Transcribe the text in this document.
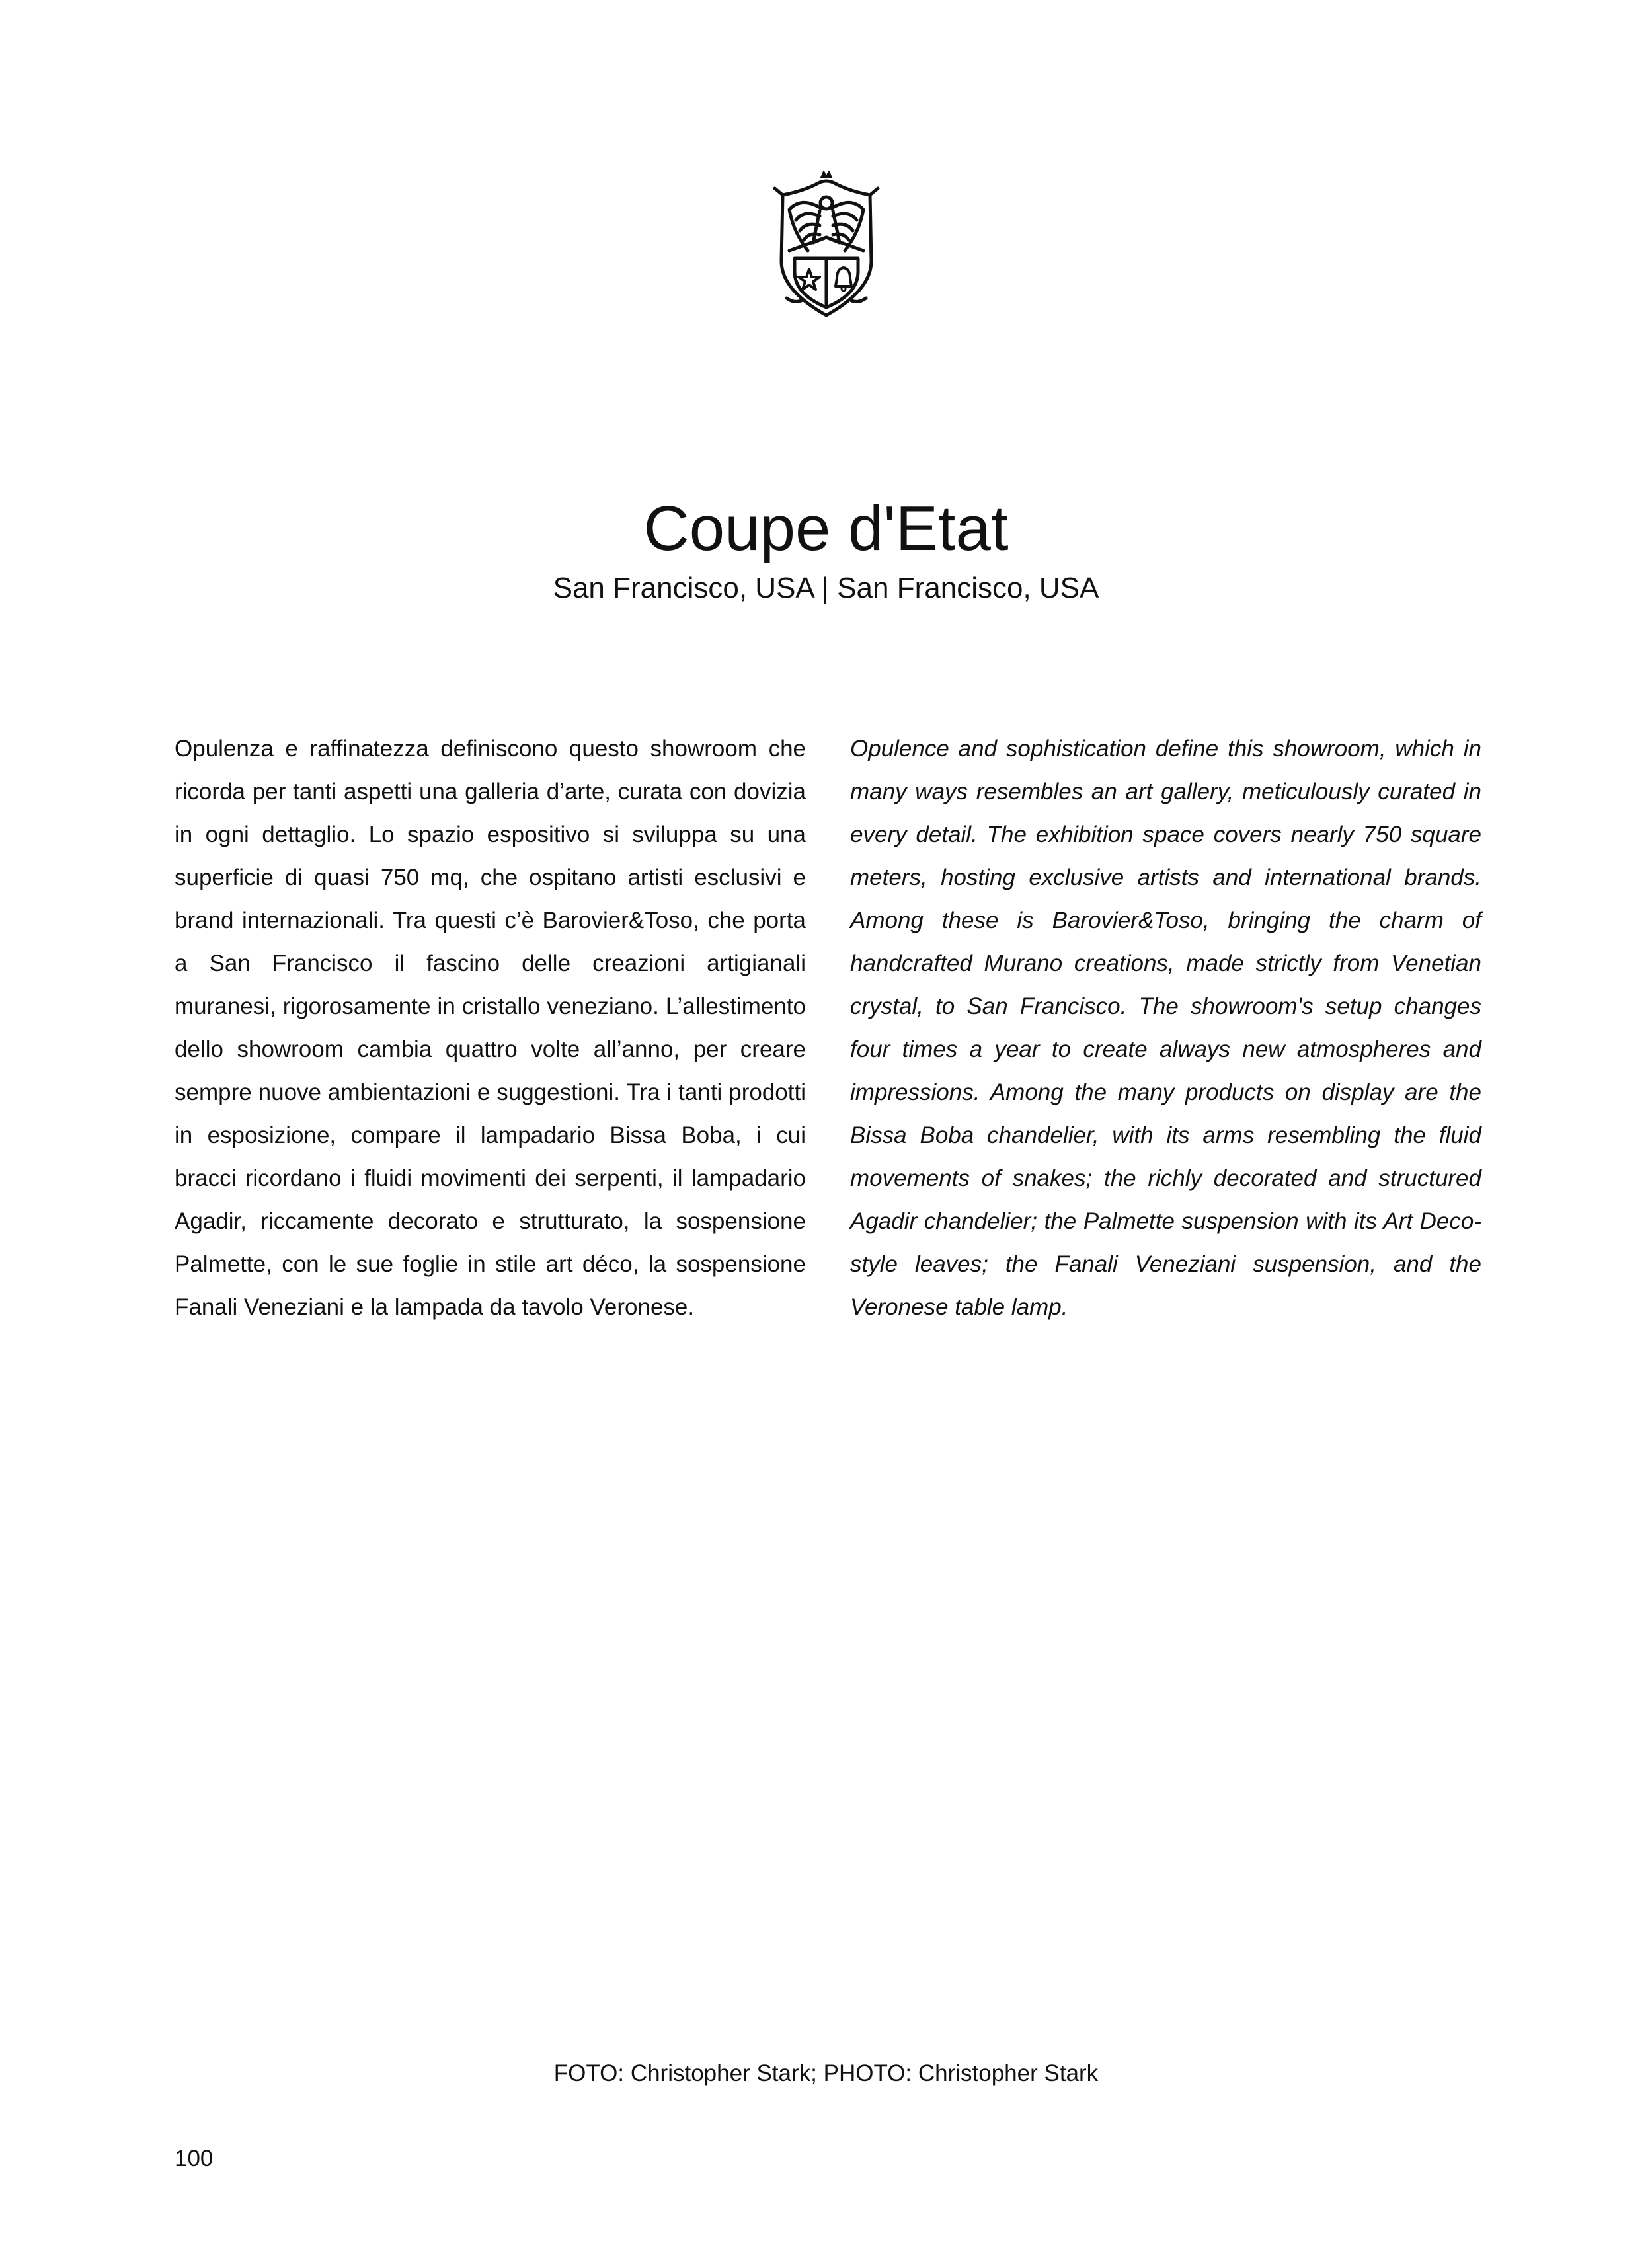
Coupe d'Etat

San Francisco, USA | San Francisco, USA

Opulenza e raffinatezza definiscono questo showroom che ricorda per tanti aspetti una galleria d’arte, curata con dovizia in ogni dettaglio. Lo spazio espositivo si sviluppa su una superficie di quasi 750 mq, che ospitano artisti esclusivi e brand internazionali. Tra questi c’è Barovier&Toso, che porta a San Francisco il fascino delle creazioni artigianali muranesi, rigorosamente in cristallo veneziano. L’allestimento dello showroom cambia quattro volte all’anno, per creare sempre nuove ambientazioni e suggestioni. Tra i tanti prodotti in esposizione, compare il lampadario Bissa Boba, i cui bracci ricordano i fluidi movimenti dei serpenti, il lampadario Agadir, riccamente decorato e strutturato, la sospensione Palmette, con le sue foglie in stile art déco, la sospensione Fanali Veneziani e la lampada da tavolo Veronese.

Opulence and sophistication define this showroom, which in many ways resembles an art gallery, meticulously curated in every detail. The exhibition space covers nearly 750 square meters, hosting exclusive artists and international brands. Among these is Barovier&Toso, bringing the charm of handcrafted Murano creations, made strictly from Venetian crystal, to San Francisco. The showroom's setup changes four times a year to create always new atmospheres and impressions. Among the many products on display are the Bissa Boba chandelier, with its arms resembling the fluid movements of snakes; the richly decorated and structured Agadir chandelier; the Palmette suspension with its Art Deco-style leaves; the Fanali Veneziani suspension, and the Veronese table lamp.

FOTO: Christopher Stark; PHOTO: Christopher Stark
100
